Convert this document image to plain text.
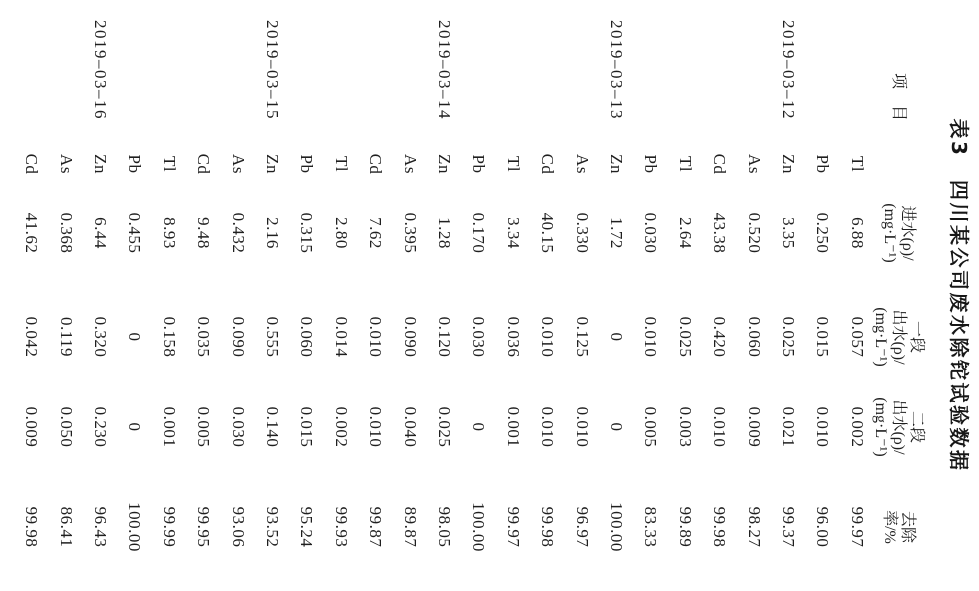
表3　四川某公司废水除铊试验数据
项　目
进水(ρ)/
(mg·L⁻¹)
一段
出水(ρ)/
(mg·L⁻¹)
二段
出水(ρ)/
(mg·L⁻¹)
去除
率/%
2019–03–12
Tl
6.88
0.057
0.002
99.97
Pb
0.250
0.015
0.010
96.00
Zn
3.35
0.025
0.021
99.37
As
0.520
0.060
0.009
98.27
Cd
43.38
0.420
0.010
99.98
2019–03–13
Tl
2.64
0.025
0.003
99.89
Pb
0.030
0.010
0.005
83.33
Zn
1.72
0
0
100.00
As
0.330
0.125
0.010
96.97
Cd
40.15
0.010
0.010
99.98
2019–03–14
Tl
3.34
0.036
0.001
99.97
Pb
0.170
0.030
0
100.00
Zn
1.28
0.120
0.025
98.05
As
0.395
0.090
0.040
89.87
Cd
7.62
0.010
0.010
99.87
2019–03–15
Tl
2.80
0.014
0.002
99.93
Pb
0.315
0.060
0.015
95.24
Zn
2.16
0.555
0.140
93.52
As
0.432
0.090
0.030
93.06
Cd
9.48
0.035
0.005
99.95
2019–03–16
Tl
8.93
0.158
0.001
99.99
Pb
0.455
0
0
100.00
Zn
6.44
0.320
0.230
96.43
As
0.368
0.119
0.050
86.41
Cd
41.62
0.042
0.009
99.98
